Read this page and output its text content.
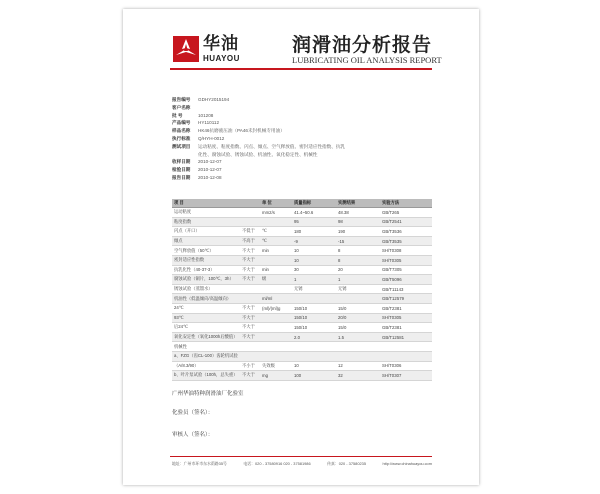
华油
HUAYOU
润滑油分析报告
LUBRICATING OIL ANALYSIS REPORT
报告编号	GDHY2015194
客户名称
批 号	101208
产品编号	HY110112
样品名称	HK46抗磨液压油（PA46未封机械专用油）
执行标准	Q/HYH-0012
测试项目	运动粘度、粘度指数、闪点、倾点、空气释放值、密封适应性指数、抗乳化性、腐蚀试验、锈蚀试验、机油性、氧化稳定性、机械性
收样日期	2010-12-07
检验日期	2010-12-07
报告日期	2010-12-08
项 目		单 位	质量指标	实测结果	实验方法
运动粘度		mm2/s	41.4~50.6	48.38	GB/T265
粘度指数			95	98	GB/T2541
闪点（开口）	不低于	℃	180	190	GB/T3536
倾点	不高于	℃	-9	-15	GB/T3535
空气释放值（50℃）	不大于	min	10	8	SH/T0308
密封适应性指数	不大于		10	8	SH/T0305
抗乳化性（40-37-3）	不大于	min	30	20	GB/T7305
腐蚀试验（铜片，100℃，3h）	不大于	级	1	1	GB/T5096
锈蚀试验（蒸馏水）			无锈	无锈	GB/T11143
机油性（低温倾向/高温倾向）		ml/ml			GB/T12579
24℃	不大于	(ml)/(ml)g	150/10	15/0	GB/T2381
93℃	不大于		150/10	20/0	SH/T0305
后24℃	不大于		150/10	15/0	GB/T2381
氧化安定性（氧化1000h后酸值）	不大于		2.0	1.5	GB/T12581
机械性					
a、FZG（齿CL-100）齿轮机试验					
（A/8.3/90）	不小于	失效级	10	12	SH/T0306
b、叶片泵试验（100h，总失重）	不大于	mg	100	32	SH/T0307
广州华油特种润滑油厂化验室
化验员（签名）：
审核人（签名）：
地址：广州市环市东水荫路35号	电话：020 - 37580916 020 - 37581986	传真：020 - 37580235	http://www.chinahuayou.com
